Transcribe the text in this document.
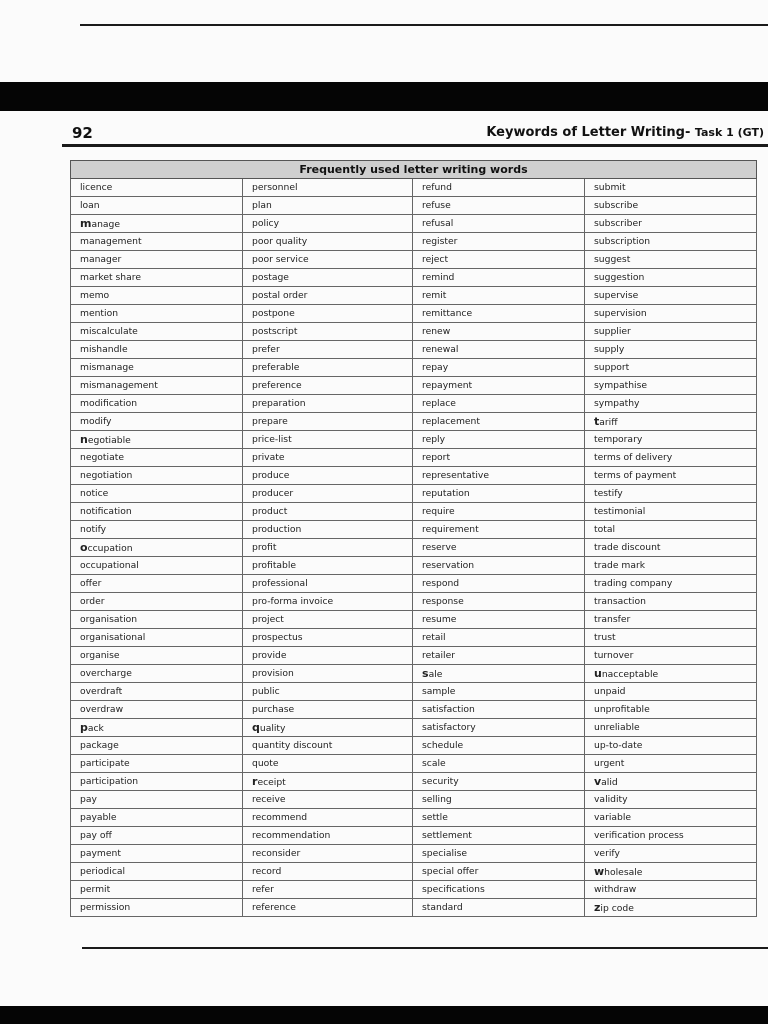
92	Keywords of Letter Writing- Task 1 (GT)
Frequently used letter writing words			
licence	personnel	refund	submit
loan	plan	refuse	subscribe
manage	policy	refusal	subscriber
management	poor quality	register	subscription
manager	poor service	reject	suggest
market share	postage	remind	suggestion
memo	postal order	remit	supervise
mention	postpone	remittance	supervision
miscalculate	postscript	renew	supplier
mishandle	prefer	renewal	supply
mismanage	preferable	repay	support
mismanagement	preference	repayment	sympathise
modification	preparation	replace	sympathy
modify	prepare	replacement	tariff
negotiable	price-list	reply	temporary
negotiate	private	report	terms of delivery
negotiation	produce	representative	terms of payment
notice	producer	reputation	testify
notification	product	require	testimonial
notify	production	requirement	total
occupation	profit	reserve	trade discount
occupational	profitable	reservation	trade mark
offer	professional	respond	trading company
order	pro-forma invoice	response	transaction
organisation	project	resume	transfer
organisational	prospectus	retail	trust
organise	provide	retailer	turnover
overcharge	provision	sale	unacceptable
overdraft	public	sample	unpaid
overdraw	purchase	satisfaction	unprofitable
pack	quality	satisfactory	unreliable
package	quantity discount	schedule	up-to-date
participate	quote	scale	urgent
participation	receipt	security	valid
pay	receive	selling	validity
payable	recommend	settle	variable
pay off	recommendation	settlement	verification process
payment	reconsider	specialise	verify
periodical	record	special offer	wholesale
permit	refer	specifications	withdraw
permission	reference	standard	zip code
